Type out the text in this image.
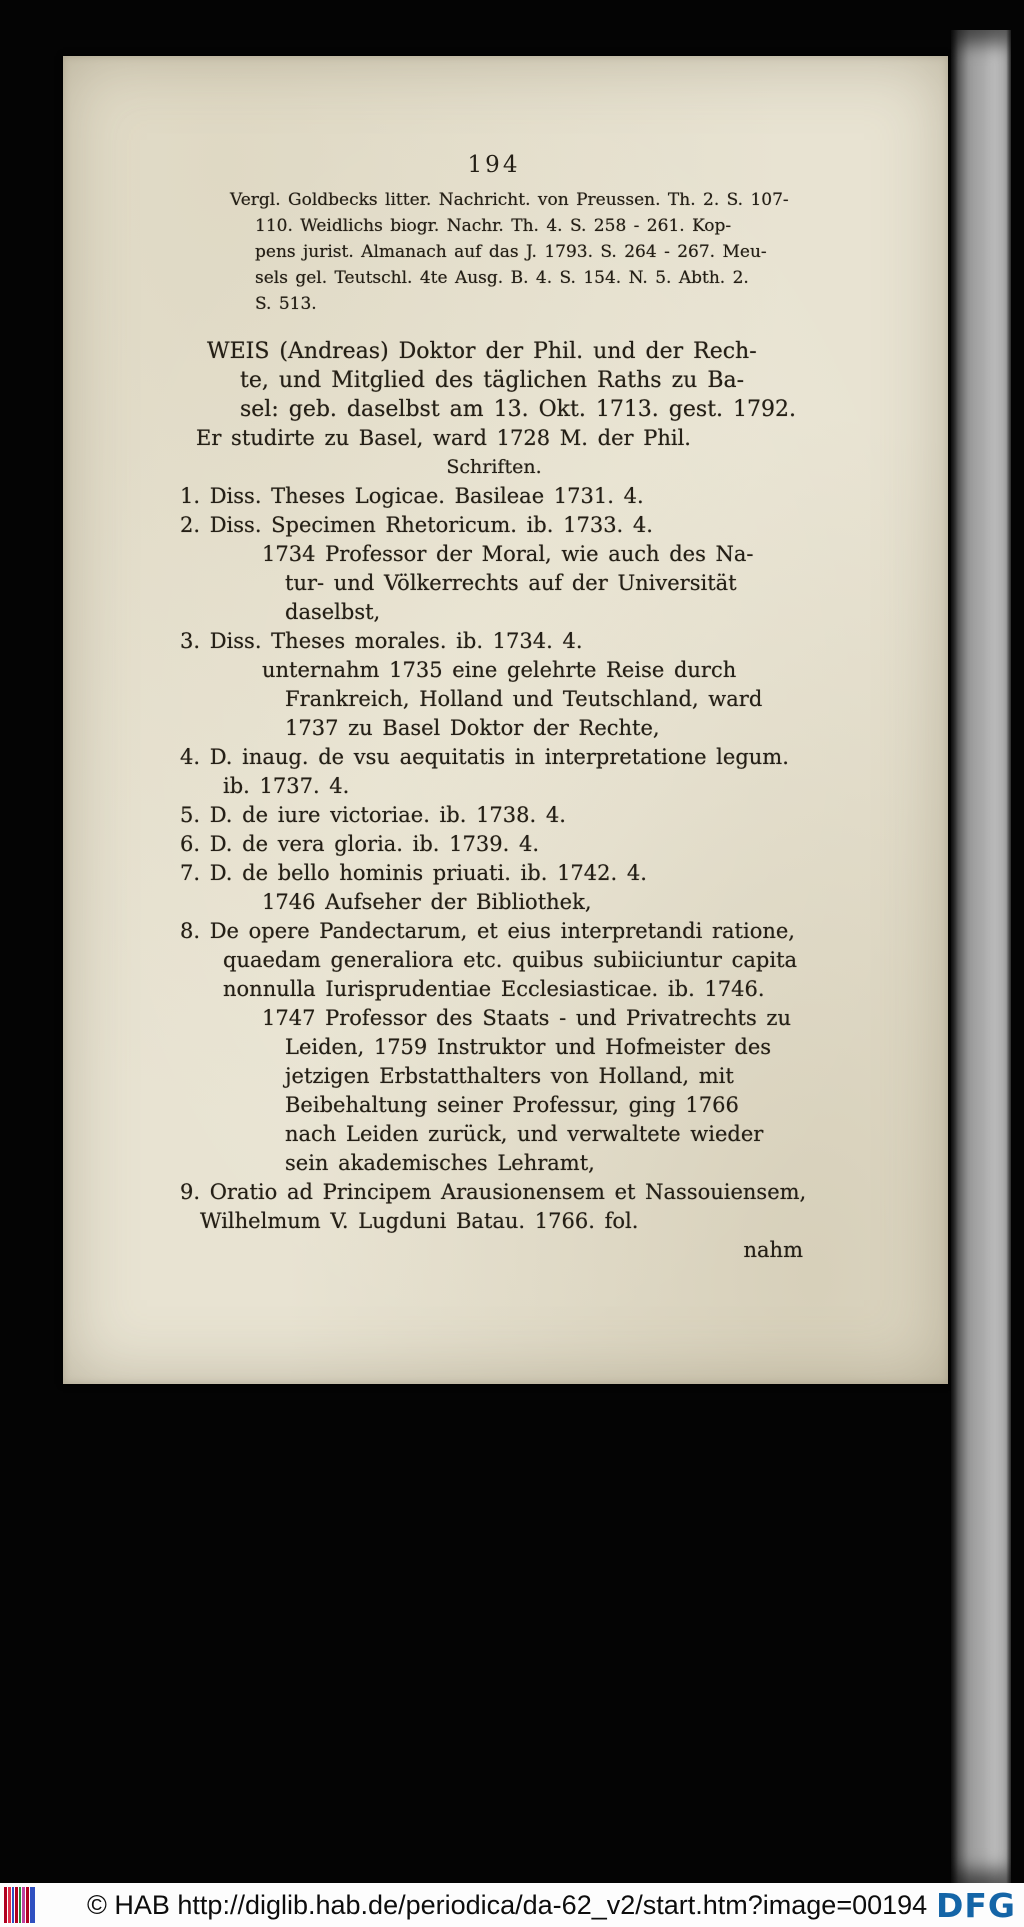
194
Vergl. Goldbecks litter. Nachricht. von Preussen. Th. 2. S. 107-
110. Weidlichs biogr. Nachr. Th. 4. S. 258 - 261. Kop-
pens jurist. Almanach auf das J. 1793. S. 264 - 267. Meu-
sels gel. Teutschl. 4te Ausg. B. 4. S. 154. N. 5. Abth. 2.
S. 513.
WEIS (Andreas) Doktor der Phil. und der Rech-
te, und Mitglied des täglichen Raths zu Ba-
sel: geb. daselbst am 13. Okt. 1713. gest. 1792.
Er studirte zu Basel, ward 1728 M. der Phil.
Schriften.
1. Diss. Theses Logicae. Basileae 1731. 4.
2. Diss. Specimen Rhetoricum. ib. 1733. 4.
1734 Professor der Moral, wie auch des Na-
tur- und Völkerrechts auf der Universität
daselbst,
3. Diss. Theses morales. ib. 1734. 4.
unternahm 1735 eine gelehrte Reise durch
Frankreich, Holland und Teutschland, ward
1737 zu Basel Doktor der Rechte,
4. D. inaug. de vsu aequitatis in interpretatione legum.
ib. 1737. 4.
5. D. de iure victoriae. ib. 1738. 4.
6. D. de vera gloria. ib. 1739. 4.
7. D. de bello hominis priuati. ib. 1742. 4.
1746 Aufseher der Bibliothek,
8. De opere Pandectarum, et eius interpretandi ratione,
quaedam generaliora etc. quibus subiiciuntur capita
nonnulla Iurisprudentiae Ecclesiasticae. ib. 1746.
1747 Professor des Staats - und Privatrechts zu
Leiden, 1759 Instruktor und Hofmeister des
jetzigen Erbstatthalters von Holland, mit
Beibehaltung seiner Professur, ging 1766
nach Leiden zurück, und verwaltete wieder
sein akademisches Lehramt,
9. Oratio ad Principem Arausionensem et Nassouiensem,
Wilhelmum V. Lugduni Batau. 1766. fol.
nahm
© HAB http://diglib.hab.de/periodica/da-62_v2/start.htm?image=00194 DFG
